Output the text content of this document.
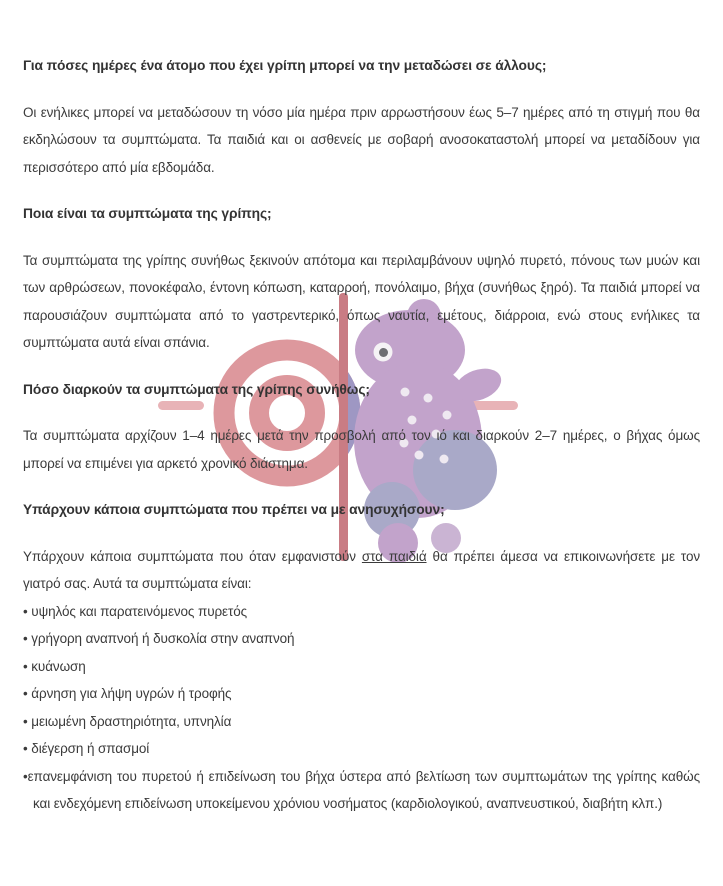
Για πόσες ημέρες ένα άτομο που έχει γρίπη μπορεί να την μεταδώσει σε άλλους;

Οι ενήλικες μπορεί να μεταδώσουν τη νόσο μία ημέρα πριν αρρωστήσουν έως 5–7 ημέρες από τη στιγμή που θα εκδηλώσουν τα συμπτώματα. Τα παιδιά και οι ασθενείς με σοβαρή ανοσοκαταστολή μπορεί να μεταδίδουν για περισσότερο από μία εβδομάδα.

Ποια είναι τα συμπτώματα της γρίπης;

Τα συμπτώματα της γρίπης συνήθως ξεκινούν απότομα και περιλαμβάνουν υψηλό πυρετό, πόνους των μυών και των αρθρώσεων, πονοκέφαλο, έντονη κόπωση, καταρροή, πονόλαιμο, βήχα (συνήθως ξηρό). Τα παιδιά μπορεί να παρουσιάζουν συμπτώματα από το γαστρεντερικό, όπως ναυτία, εμέτους, διάρροια, ενώ στους ενήλικες τα συμπτώματα αυτά είναι σπάνια.

Πόσο διαρκούν τα συμπτώματα της γρίπης συνήθως;

Τα συμπτώματα αρχίζουν 1–4 ημέρες μετά την προσβολή από τον ιό και διαρκούν 2–7 ημέρες, ο βήχας όμως μπορεί να επιμένει για αρκετό χρονικό διάστημα.

Υπάρχουν κάποια συμπτώματα που πρέπει να με ανησυχήσουν;

Υπάρχουν κάποια συμπτώματα που όταν εμφανιστούν στα παιδιά θα πρέπει άμεσα να επικοινωνήσετε με τον γιατρό σας. Αυτά τα συμπτώματα είναι:

• υψηλός και παρατεινόμενος πυρετός
• γρήγορη αναπνοή ή δυσκολία στην αναπνοή
• κυάνωση
• άρνηση για λήψη υγρών ή τροφής
• μειωμένη δραστηριότητα, υπνηλία
• διέγερση ή σπασμοί
• επανεμφάνιση του πυρετού ή επιδείνωση του βήχα ύστερα από βελτίωση των συμπτωμάτων της γρίπης καθώς και ενδεχόμενη επιδείνωση υποκείμενου χρόνιου νοσήματος (καρδιολογικού, αναπνευστικού, διαβήτη κλπ.)
